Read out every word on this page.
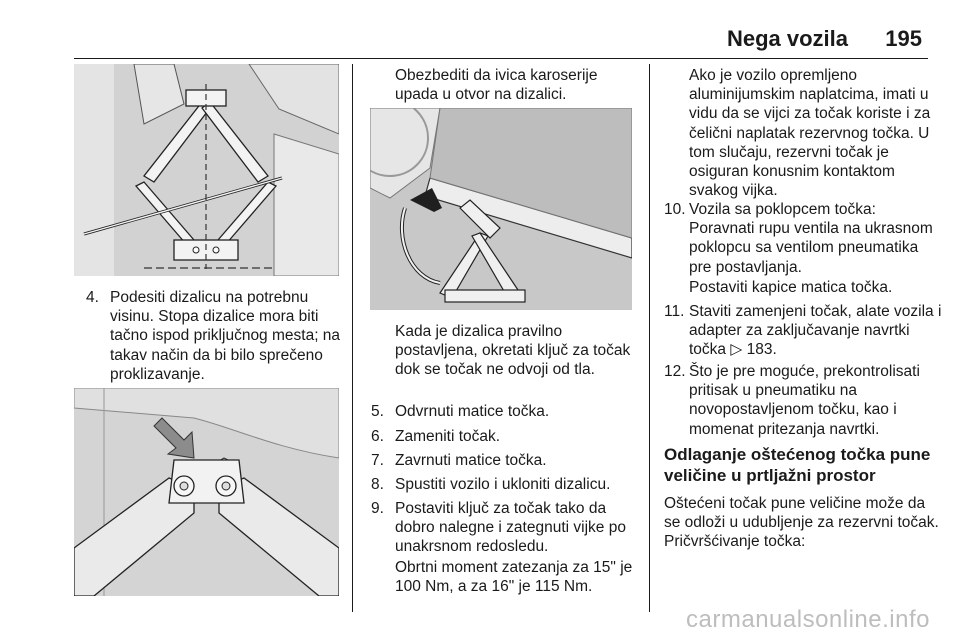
Nega vozila 195
4. Podesiti dizalicu na potrebnu visinu. Stopa dizalice mora biti tačno ispod priključnog mesta; na takav način da bi bilo sprečeno proklizavanje.
Obezbediti da ivica karoserije upada u otvor na dizalici.
Kada je dizalica pravilno postavljena, okretati ključ za točak dok se točak ne odvoji od tla.
5. Odvrnuti matice točka.
6. Zameniti točak.
7. Zavrnuti matice točka.
8. Spustiti vozilo i ukloniti dizalicu.
9. Postaviti ključ za točak tako da dobro nalegne i zategnuti vijke po unakrsnom redosledu.
Obrtni moment zatezanja za 15" je 100 Nm, a za 16" je 115 Nm.
Ako je vozilo opremljeno aluminijumskim naplatcima, imati u vidu da se vijci za točak koriste i za čelični naplatak rezervnog točka. U tom slučaju, rezervni točak je osiguran konusnim kontaktom svakog vijka.
10. Vozila sa poklopcem točka: Poravnati rupu ventila na ukrasnom poklopcu sa ventilom pneumatika pre postavljanja.
Postaviti kapice matica točka.
11. Staviti zamenjeni točak, alate vozila i adapter za zaključavanje navrtki točka ▷ 183.
12. Što je pre moguće, prekontrolisati pritisak u pneumatiku na novopostavljenom točku, kao i momenat pritezanja navrtki.
Odlaganje oštećenog točka pune veličine u prtljažni prostor
Oštećeni točak pune veličine može da se odloži u udubljenje za rezervni točak. Pričvršćivanje točka:
carmanualsonline.info
